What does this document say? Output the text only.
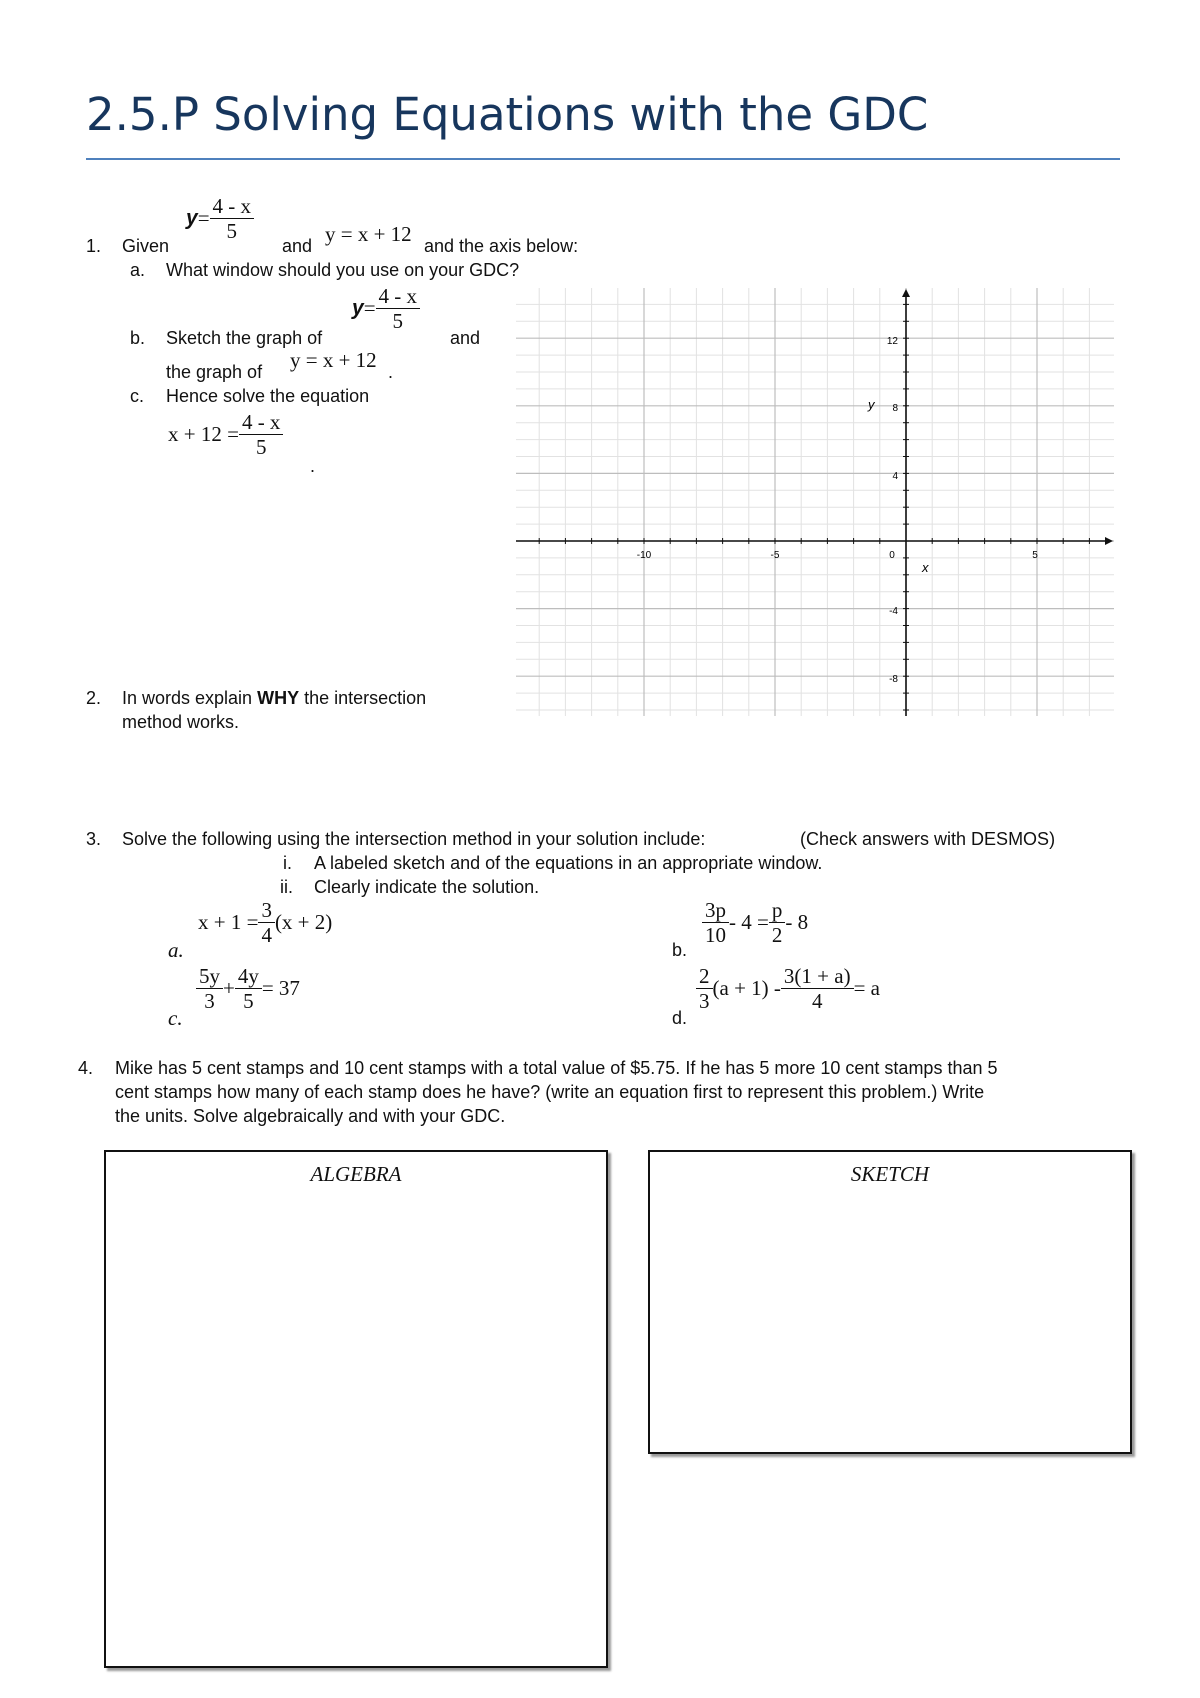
2.5.P Solving Equations with the GDC
1. Given
$y= \frac{4 - x}{5}$
and y = x + 12 and the axis below:
a. What window should you use on your GDC?
b. Sketch the graph of
$y= \frac{4 - x}{5}$
and
the graph of y = x + 12 .
c. Hence solve the equation
$x + 12 = \frac{4 - x}{5}$
.
-10	-5	0	5
12
8
4
-4
-8
x
y
2. In words explain WHY the intersection
method works.
3. Solve the following using the intersection method in your solution include:	(Check answers with DESMOS)
i. A labeled sketch and of the equations in an appropriate window.
ii. Clearly indicate the solution.
a.
$x + 1 = \frac{3}{4} (x + 2)$
b.
$\frac{3p}{10} - 4 = \frac{p}{2} - 8$
c.
$\frac{5y}{3} + \frac{4y}{5} = 37$
d.
$\frac{2}{3} (a + 1) - \frac{3(1 + a)}{4} = a$
4. Mike has 5 cent stamps and 10 cent stamps with a total value of $5.75. If he has 5 more 10 cent stamps than 5
cent stamps how many of each stamp does he have? (write an equation first to represent this problem.) Write
the units. Solve algebraically and with your GDC.
ALGEBRA	SKETCH
